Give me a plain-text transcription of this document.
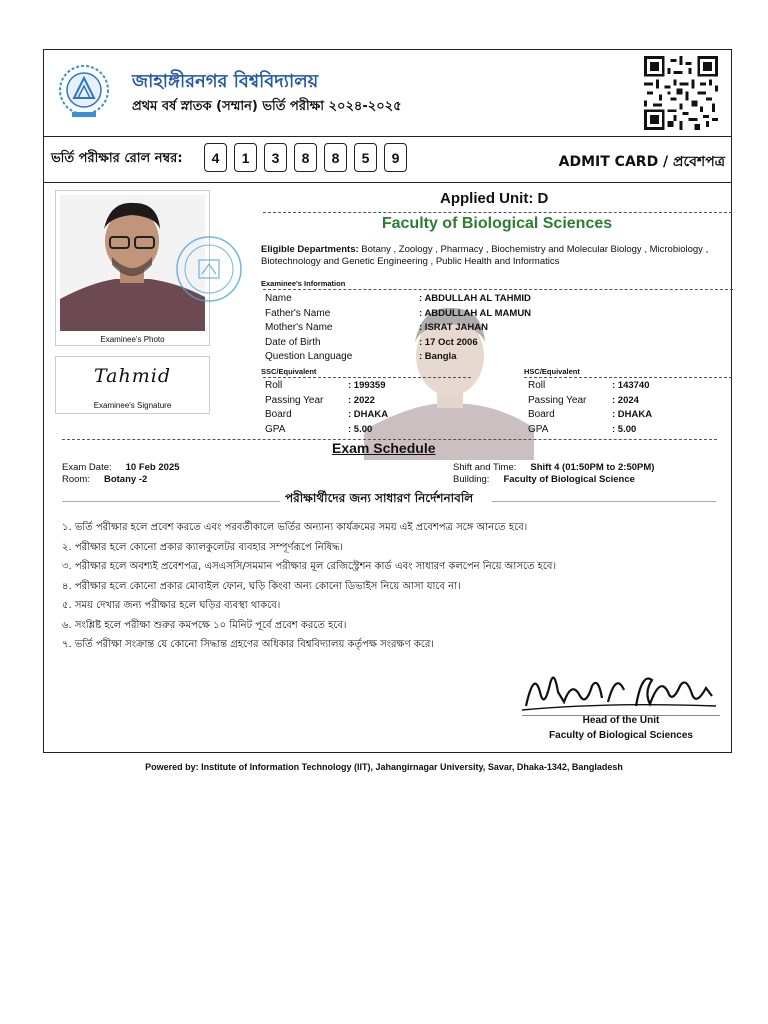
জাহাঙ্গীরনগর বিশ্ববিদ্যালয়
প্রথম বর্ষ স্নাতক (সম্মান) ভর্তি পরীক্ষা ২০২৪-২০২৫
ভর্তি পরীক্ষার রোল নম্বর:	4	1	3	8	8	5	9	ADMIT CARD / প্রবেশপত্র
Examinee's Photo
Tahmid
Examinee's Signature
Applied Unit: D
Faculty of Biological Sciences
Eligible Departments: Botany , Zoology , Pharmacy , Biochemistry and Molecular Biology , Microbiology , Biotechnology and Genetic Engineering , Public Health and Informatics
Examinee's Information
Name	: ABDULLAH AL TAHMID
Father's Name	: ABDULLAH AL MAMUN
Mother's Name	: ISRAT JAHAN
Date of Birth	: 17 Oct 2006
Question Language	: Bangla
SSC/Equivalent
Roll	: 199359
Passing Year	: 2022
Board	: DHAKA
GPA	: 5.00
HSC/Equivalent
Roll	: 143740
Passing Year	: 2024
Board	: DHAKA
GPA	: 5.00
Exam Schedule
Exam Date: 10 Feb 2025
Room: Botany -2
Shift and Time: Shift 4 (01:50PM to 2:50PM)
Building: Faculty of Biological Science
পরীক্ষার্থীদের জন্য সাধারণ নির্দেশনাবলি
১. ভর্তি পরীক্ষার হলে প্রবেশ করতে এবং পরবর্তীকালে ভর্তির অন্যান্য কার্যক্রমের সময় এই প্রবেশপত্র সঙ্গে আনতে হবে।
২. পরীক্ষার হলে কোনো প্রকার ক্যালকুলেটর ব্যবহার সম্পূর্ণরূপে নিষিদ্ধ।
৩. পরীক্ষার হলে অবশ্যই প্রবেশপত্র, এসএসসি/সমমান পরীক্ষার মূল রেজিস্ট্রেশন কার্ড এবং সাধারণ কলপেন নিয়ে আসতে হবে।
৪. পরীক্ষার হলে কোনো প্রকার মোবাইল ফোন, ঘড়ি কিংবা অন্য কোনো ডিভাইস নিয়ে আসা যাবে না।
৫. সময় দেখার জন্য পরীক্ষার হলে ঘড়ির ব্যবস্থা থাকবে।
৬. সংশ্লিষ্ট হলে পরীক্ষা শুরুর কমপক্ষে ১০ মিনিট পূর্বে প্রবেশ করতে হবে।
৭. ভর্তি পরীক্ষা সংক্রান্ত যে কোনো সিদ্ধান্ত গ্রহণের অধিকার বিশ্ববিদ্যালয় কর্তৃপক্ষ সংরক্ষণ করে।
Head of the Unit
Faculty of Biological Sciences
Powered by: Institute of Information Technology (IIT), Jahangirnagar University, Savar, Dhaka-1342, Bangladesh
